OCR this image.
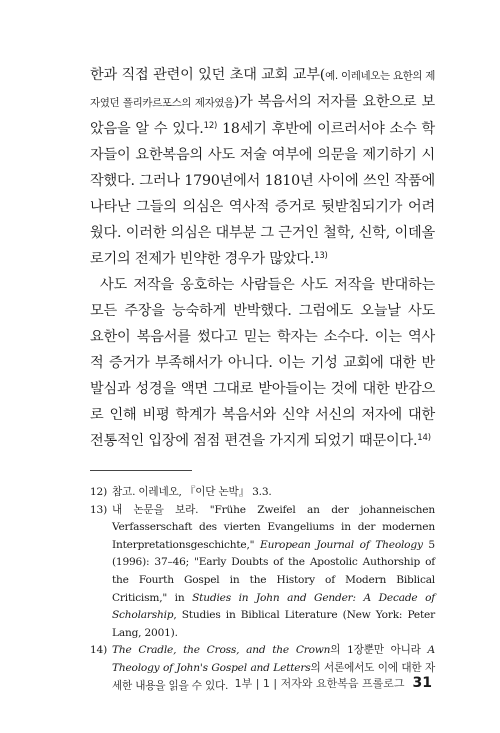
한과 직접 관련이 있던 초대 교회 교부(예. 이레네오는 요한의 제자였던 폴리카르포스의 제자였음)가 복음서의 저자를 요한으로 보았음을 알 수 있다.$^{12)}$ 18세기 후반에 이르러서야 소수 학자들이 요한복음의 사도 저술 여부에 의문을 제기하기 시작했다. 그러나 1790년에서 1810년 사이에 쓰인 작품에 나타난 그들의 의심은 역사적 증거로 뒷받침되기가 어려웠다. 이러한 의심은 대부분 그 근거인 철학, 신학, 이데올로기의 전제가 빈약한 경우가 많았다.$^{13)}$

사도 저작을 옹호하는 사람들은 사도 저작을 반대하는 모든 주장을 능숙하게 반박했다. 그럼에도 오늘날 사도 요한이 복음서를 썼다고 믿는 학자는 소수다. 이는 역사적 증거가 부족해서가 아니다. 이는 기성 교회에 대한 반발심과 성경을 액면 그대로 받아들이는 것에 대한 반감으로 인해 비평 학계가 복음서와 신약 서신의 저자에 대한 전통적인 입장에 점점 편견을 가지게 되었기 때문이다.$^{14)}$

12) 참고. 이레네오, 『이단 논박』 3.3.
13) 내 논문을 보라. "Frühe Zweifel an der johanneischen Verfasserschaft des vierten Evangeliums in der modernen Interpretationsgeschichte," European Journal of Theology 5 (1996): 37–46; "Early Doubts of the Apostolic Authorship of the Fourth Gospel in the History of Modern Biblical Criticism," in Studies in John and Gender: A Decade of Scholarship, Studies in Biblical Literature (New York: Peter Lang, 2001).
14) The Cradle, the Cross, and the Crown의 1장뿐만 아니라 A Theology of John's Gospel and Letters의 서론에서도 이에 대한 자세한 내용을 읽을 수 있다. 1부 | 1 | 저자와 요한복음 프롤로그 31
